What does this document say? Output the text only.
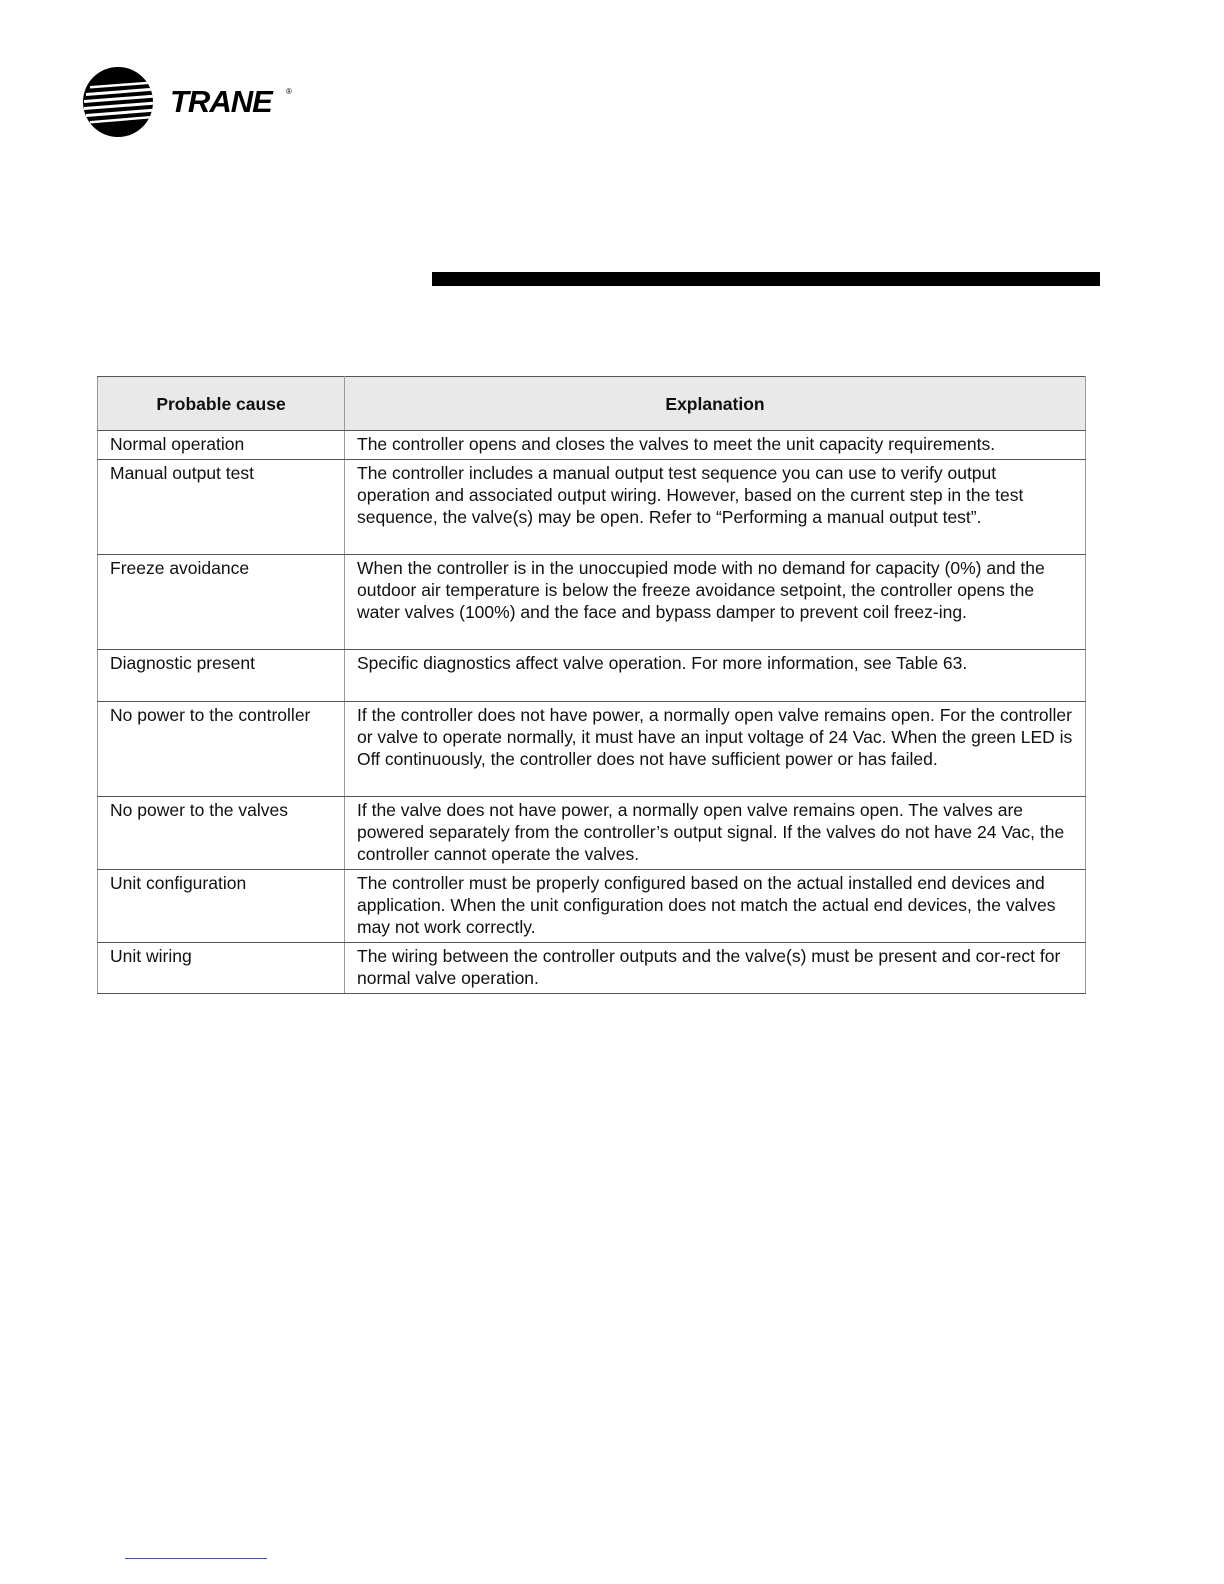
TRANE ®
Probable cause	Explanation
Normal operation	The controller opens and closes the valves to meet the unit capacity requirements.
Manual output test	The controller includes a manual output test sequence you can use to verify output operation and associated output wiring. However, based on the current step in the test sequence, the valve(s) may be open. Refer to “Performing a manual output test”.
Freeze avoidance	When the controller is in the unoccupied mode with no demand for capacity (0%) and the outdoor air temperature is below the freeze avoidance setpoint, the controller opens the water valves (100%) and the face and bypass damper to prevent coil freez-ing.
Diagnostic present	Specific diagnostics affect valve operation. For more information, see Table 63.
No power to the controller	If the controller does not have power, a normally open valve remains open. For the controller or valve to operate normally, it must have an input voltage of 24 Vac. When the green LED is Off continuously, the controller does not have sufficient power or has failed.
No power to the valves	If the valve does not have power, a normally open valve remains open. The valves are powered separately from the controller’s output signal. If the valves do not have 24 Vac, the controller cannot operate the valves.
Unit configuration	The controller must be properly configured based on the actual installed end devices and application. When the unit configuration does not match the actual end devices, the valves may not work correctly.
Unit wiring	The wiring between the controller outputs and the valve(s) must be present and cor-rect for normal valve operation.
